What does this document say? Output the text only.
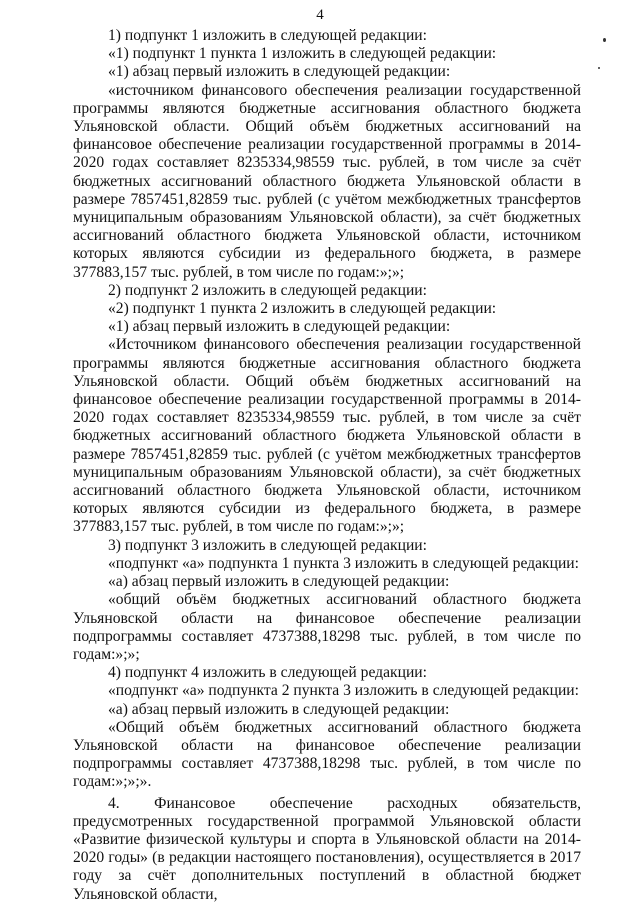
4

1) подпункт 1 изложить в следующей редакции:

«1) подпункт 1 пункта 1 изложить в следующей редакции:

«1) абзац первый изложить в следующей редакции:

«источником финансового обеспечения реализации государственной программы являются бюджетные ассигнования областного бюджета Ульяновской области. Общий объём бюджетных ассигнований на финансовое обеспечение реализации государственной программы в 2014-2020 годах составляет 8235334,98559 тыс. рублей, в том числе за счёт бюджетных ассигнований областного бюджета Ульяновской области в размере 7857451,82859 тыс. рублей (с учётом межбюджетных трансфертов муниципальным образованиям Ульяновской области), за счёт бюджетных ассигнований областного бюджета Ульяновской области, источником которых являются субсидии из федерального бюджета, в размере 377883,157 тыс. рублей, в том числе по годам:»;»;

2) подпункт 2 изложить в следующей редакции:

«2) подпункт 1 пункта 2 изложить в следующей редакции:

«1) абзац первый изложить в следующей редакции:

«Источником финансового обеспечения реализации государственной программы являются бюджетные ассигнования областного бюджета Ульяновской области. Общий объём бюджетных ассигнований на финансовое обеспечение реализации государственной программы в 2014-2020 годах составляет 8235334,98559 тыс. рублей, в том числе за счёт бюджетных ассигнований областного бюджета Ульяновской области в размере 7857451,82859 тыс. рублей (с учётом межбюджетных трансфертов муниципальным образованиям Ульяновской области), за счёт бюджетных ассигнований областного бюджета Ульяновской области, источником которых являются субсидии из федерального бюджета, в размере 377883,157 тыс. рублей, в том числе по годам:»;»;

3) подпункт 3 изложить в следующей редакции:

«подпункт «а» подпункта 1 пункта 3 изложить в следующей редакции:

«а) абзац первый изложить в следующей редакции:

«общий объём бюджетных ассигнований областного бюджета Ульяновской области на финансовое обеспечение реализации подпрограммы составляет 4737388,18298 тыс. рублей, в том числе по годам:»;»;

4) подпункт 4 изложить в следующей редакции:

«подпункт «а» подпункта 2 пункта 3 изложить в следующей редакции:

«а) абзац первый изложить в следующей редакции:

«Общий объём бюджетных ассигнований областного бюджета Ульяновской области на финансовое обеспечение реализации подпрограммы составляет 4737388,18298 тыс. рублей, в том числе по годам:»;»;».

4. Финансовое обеспечение расходных обязательств, предусмотренных государственной программой Ульяновской области «Развитие физической культуры и спорта в Ульяновской области на 2014-2020 годы» (в редакции настоящего постановления), осуществляется в 2017 году за счёт дополнительных поступлений в областной бюджет Ульяновской области,
